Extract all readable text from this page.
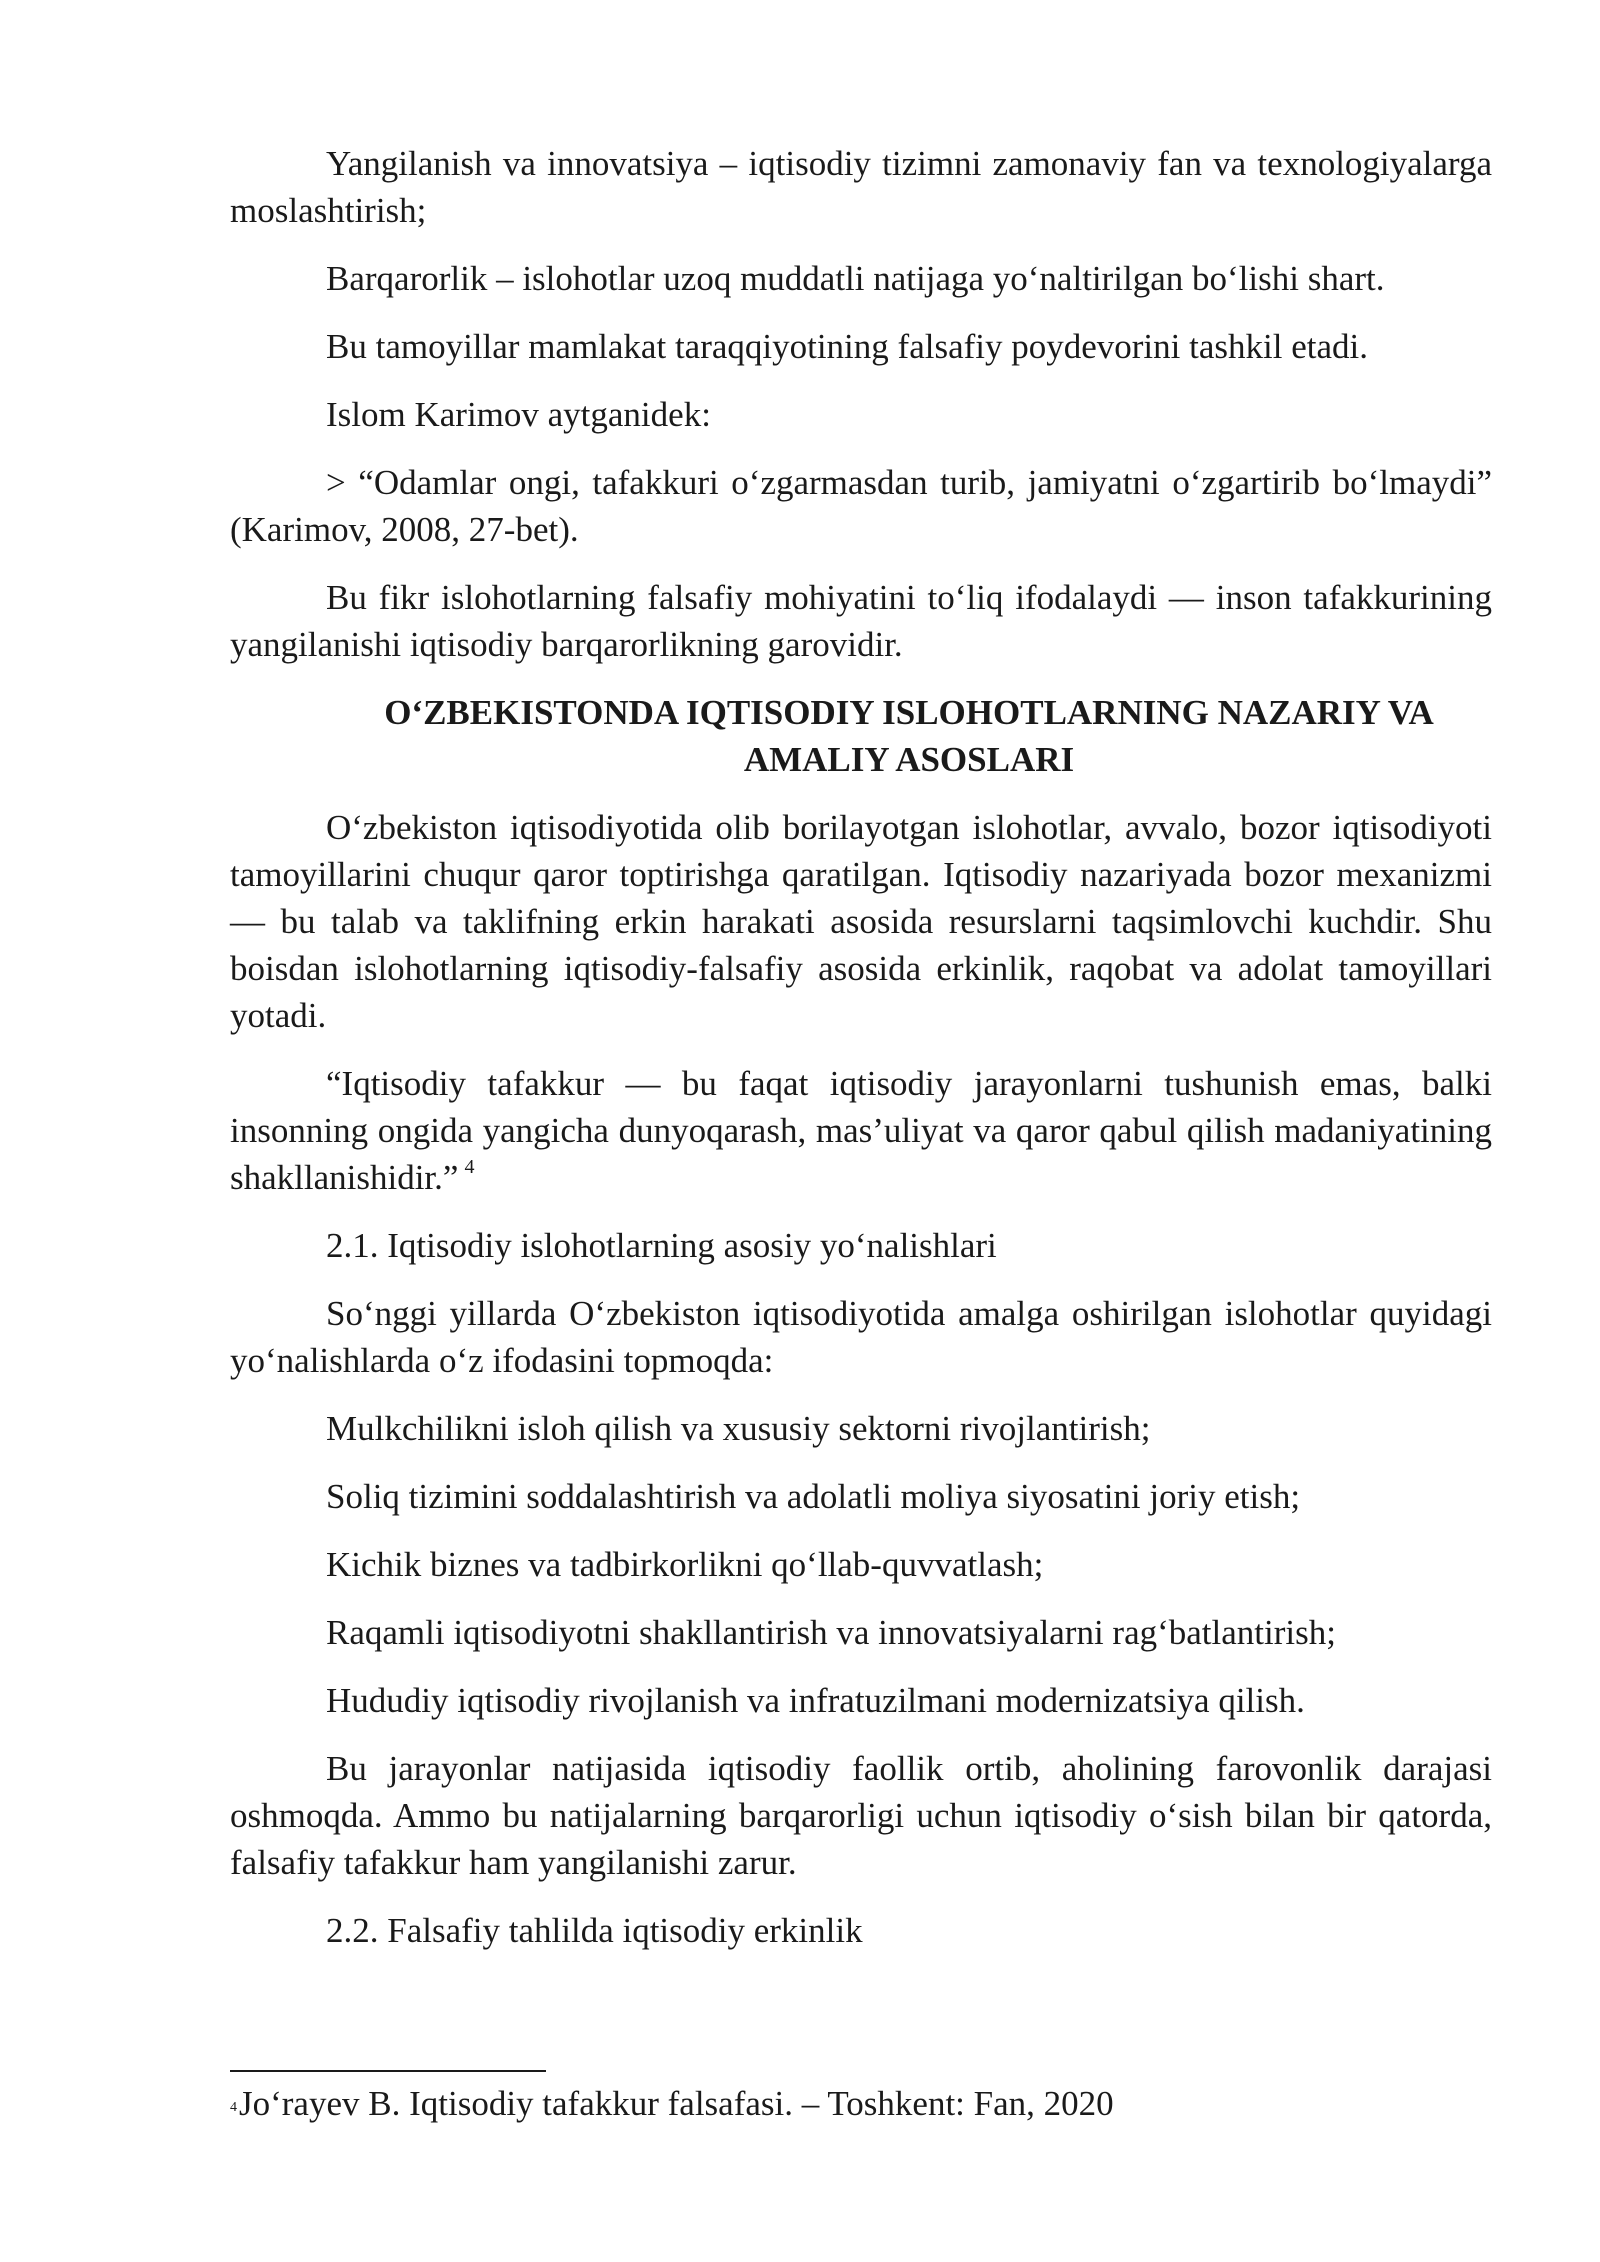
Yangilanish va innovatsiya – iqtisodiy tizimni zamonaviy fan va texnologiyalarga moslashtirish;

Barqarorlik – islohotlar uzoq muddatli natijaga yo‘naltirilgan bo‘lishi shart.

Bu tamoyillar mamlakat taraqqiyotining falsafiy poydevorini tashkil etadi.

Islom Karimov aytganidek:

> “Odamlar ongi, tafakkuri o‘zgarmasdan turib, jamiyatni o‘zgartirib bo‘lmaydi” (Karimov, 2008, 27-bet).

Bu fikr islohotlarning falsafiy mohiyatini to‘liq ifodalaydi — inson tafakkurining yangilanishi iqtisodiy barqarorlikning garovidir.

O‘ZBEKISTONDA IQTISODIY ISLOHOTLARNING NAZARIY VA AMALIY ASOSLARI

O‘zbekiston iqtisodiyotida olib borilayotgan islohotlar, avvalo, bozor iqtisodiyoti tamoyillarini chuqur qaror toptirishga qaratilgan. Iqtisodiy nazariyada bozor mexanizmi — bu talab va taklifning erkin harakati asosida resurslarni taqsimlovchi kuchdir. Shu boisdan islohotlarning iqtisodiy-falsafiy asosida erkinlik, raqobat va adolat tamoyillari yotadi.

“Iqtisodiy tafakkur — bu faqat iqtisodiy jarayonlarni tushunish emas, balki insonning ongida yangicha dunyoqarash, mas’uliyat va qaror qabul qilish madaniyatining shakllanishidir.” $^4$

2.1. Iqtisodiy islohotlarning asosiy yo‘nalishlari

So‘nggi yillarda O‘zbekiston iqtisodiyotida amalga oshirilgan islohotlar quyidagi yo‘nalishlarda o‘z ifodasini topmoqda:

Mulkchilikni isloh qilish va xususiy sektorni rivojlantirish;

Soliq tizimini soddalashtirish va adolatli moliya siyosatini joriy etish;

Kichik biznes va tadbirkorlikni qo‘llab-quvvatlash;

Raqamli iqtisodiyotni shakllantirish va innovatsiyalarni rag‘batlantirish;

Hududiy iqtisodiy rivojlanish va infratuzilmani modernizatsiya qilish.

Bu jarayonlar natijasida iqtisodiy faollik ortib, aholining farovonlik darajasi oshmoqda. Ammo bu natijalarning barqarorligi uchun iqtisodiy o‘sish bilan bir qatorda, falsafiy tafakkur ham yangilanishi zarur.

2.2. Falsafiy tahlilda iqtisodiy erkinlik

4Jo‘rayev B. Iqtisodiy tafakkur falsafasi. – Toshkent: Fan, 2020
